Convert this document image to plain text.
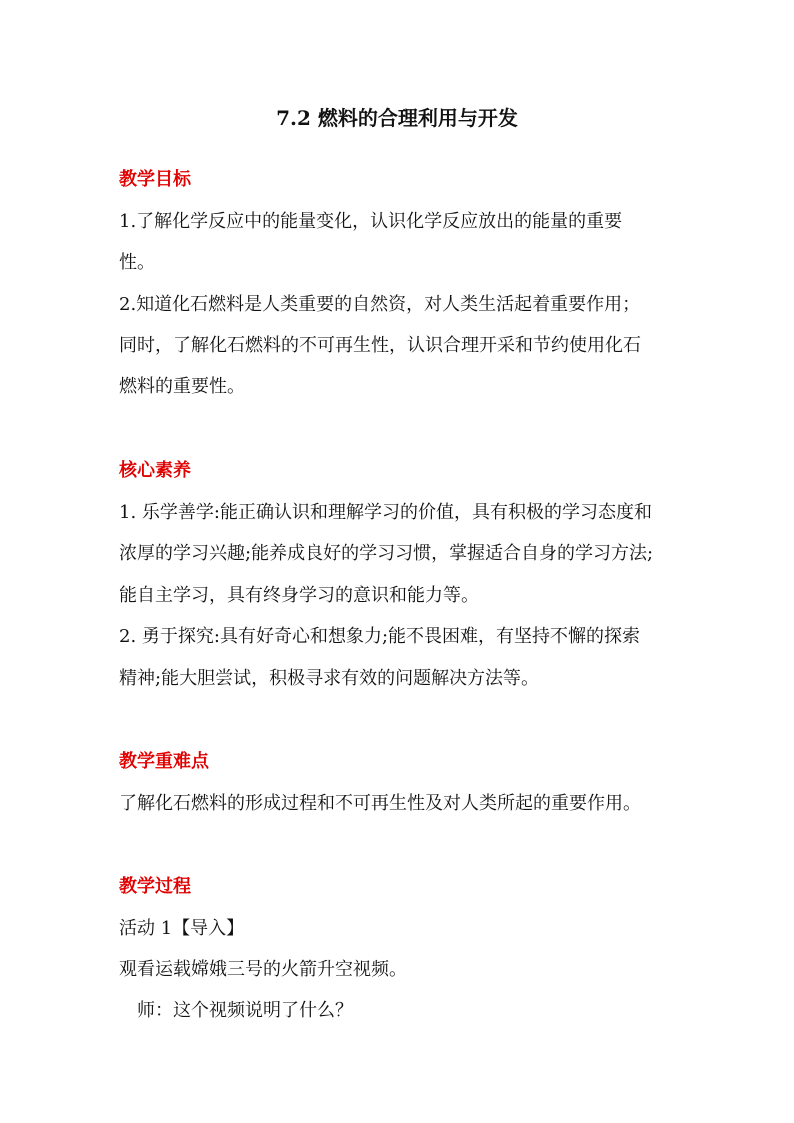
7.2 燃料的合理利用与开发
教学目标
1.了解化学反应中的能量变化，认识化学反应放出的能量的重要
性。
2.知道化石燃料是人类重要的自然资，对人类生活起着重要作用；
同时，了解化石燃料的不可再生性，认识合理开采和节约使用化石
燃料的重要性。
核心素养
1. 乐学善学:能正确认识和理解学习的价值，具有积极的学习态度和
浓厚的学习兴趣;能养成良好的学习习惯，掌握适合自身的学习方法;
能自主学习，具有终身学习的意识和能力等。
2. 勇于探究:具有好奇心和想象力;能不畏困难，有坚持不懈的探索
精神;能大胆尝试，积极寻求有效的问题解决方法等。
教学重难点
了解化石燃料的形成过程和不可再生性及对人类所起的重要作用。
教学过程
活动 1【导入】
观看运载嫦娥三号的火箭升空视频。
师：这个视频说明了什么？
